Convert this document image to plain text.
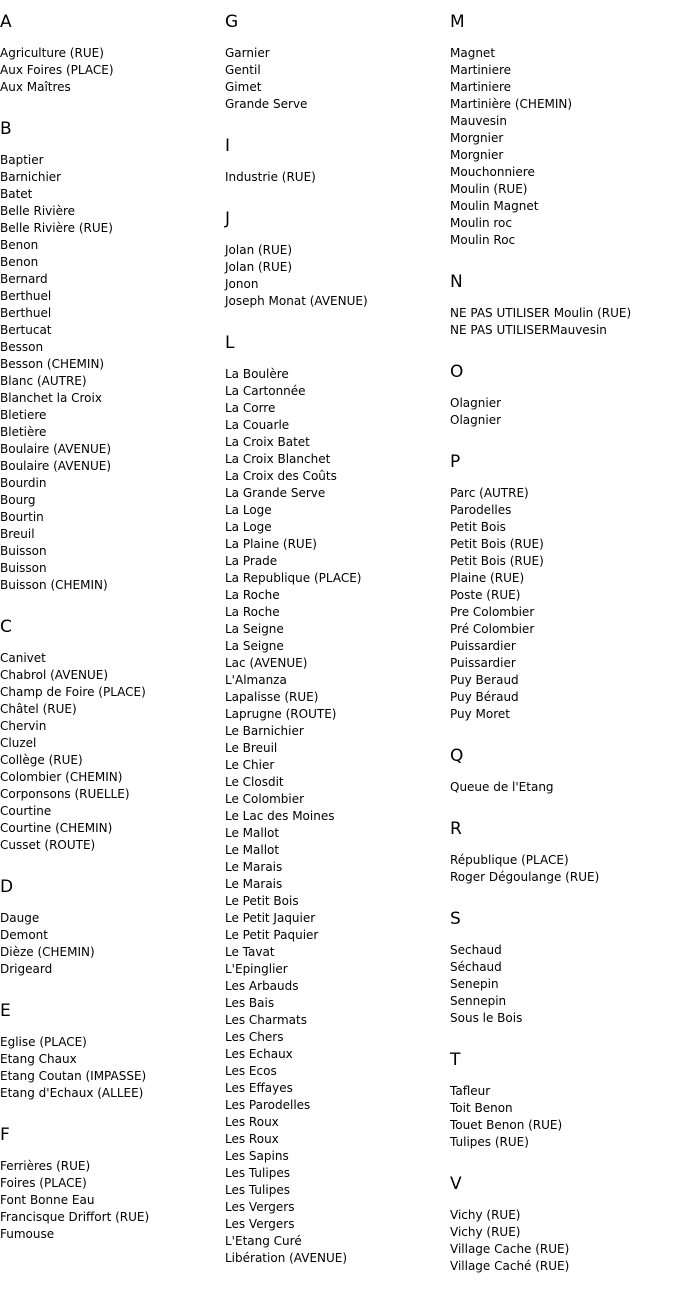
A
Agriculture (RUE)
Aux Foires (PLACE)
Aux Maîtres
B
Baptier
Barnichier
Batet
Belle Rivière
Belle Rivière (RUE)
Benon
Benon
Bernard
Berthuel
Berthuel
Bertucat
Besson
Besson (CHEMIN)
Blanc (AUTRE)
Blanchet la Croix
Bletiere
Bletière
Boulaire (AVENUE)
Boulaire (AVENUE)
Bourdin
Bourg
Bourtin
Breuil
Buisson
Buisson
Buisson (CHEMIN)
C
Canivet
Chabrol (AVENUE)
Champ de Foire (PLACE)
Châtel (RUE)
Chervin
Cluzel
Collège (RUE)
Colombier (CHEMIN)
Corponsons (RUELLE)
Courtine
Courtine (CHEMIN)
Cusset (ROUTE)
D
Dauge
Demont
Dièze (CHEMIN)
Drigeard
E
Eglise (PLACE)
Etang Chaux
Etang Coutan (IMPASSE)
Etang d'Echaux (ALLEE)
F
Ferrières (RUE)
Foires (PLACE)
Font Bonne Eau
Francisque Driffort (RUE)
Fumouse
G
Garnier
Gentil
Gimet
Grande Serve
I
Industrie (RUE)
J
Jolan (RUE)
Jolan (RUE)
Jonon
Joseph Monat (AVENUE)
L
La Boulère
La Cartonnée
La Corre
La Couarle
La Croix Batet
La Croix Blanchet
La Croix des Coûts
La Grande Serve
La Loge
La Loge
La Plaine (RUE)
La Prade
La Republique (PLACE)
La Roche
La Roche
La Seigne
La Seigne
Lac (AVENUE)
L'Almanza
Lapalisse (RUE)
Laprugne (ROUTE)
Le Barnichier
Le Breuil
Le Chier
Le Closdit
Le Colombier
Le Lac des Moines
Le Mallot
Le Mallot
Le Marais
Le Marais
Le Petit Bois
Le Petit Jaquier
Le Petit Paquier
Le Tavat
L'Epinglier
Les Arbauds
Les Bais
Les Charmats
Les Chers
Les Echaux
Les Ecos
Les Effayes
Les Parodelles
Les Roux
Les Roux
Les Sapins
Les Tulipes
Les Tulipes
Les Vergers
Les Vergers
L'Etang Curé
Libération (AVENUE)
M
Magnet
Martiniere
Martiniere
Martinière (CHEMIN)
Mauvesin
Morgnier
Morgnier
Mouchonniere
Moulin (RUE)
Moulin Magnet
Moulin roc
Moulin Roc
N
NE PAS UTILISER Moulin (RUE)
NE PAS UTILISERMauvesin
O
Olagnier
Olagnier
P
Parc (AUTRE)
Parodelles
Petit Bois
Petit Bois (RUE)
Petit Bois (RUE)
Plaine (RUE)
Poste (RUE)
Pre Colombier
Pré Colombier
Puissardier
Puissardier
Puy Beraud
Puy Béraud
Puy Moret
Q
Queue de l'Etang
R
République (PLACE)
Roger Dégoulange (RUE)
S
Sechaud
Séchaud
Senepin
Sennepin
Sous le Bois
T
Tafleur
Toit Benon
Touet Benon (RUE)
Tulipes (RUE)
V
Vichy (RUE)
Vichy (RUE)
Village Cache (RUE)
Village Caché (RUE)
